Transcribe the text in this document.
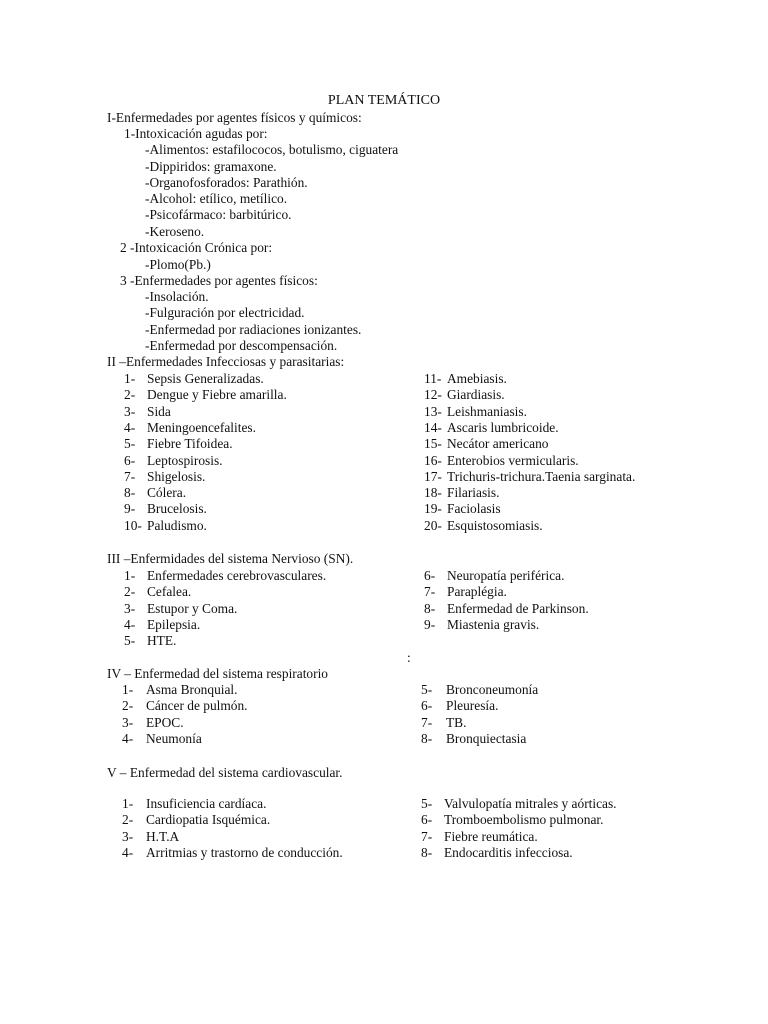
PLAN TEMÁTICO
I-Enfermedades por agentes físicos y químicos:
1-Intoxicación agudas por:
-Alimentos: estafilococos, botulismo, ciguatera
-Dippiridos: gramaxone.
-Organofosforados: Parathión.
-Alcohol: etílico, metílico.
-Psicofármaco: barbitúrico.
-Keroseno.
2 -Intoxicación Crónica por:
-Plomo(Pb.)
3 -Enfermedades por agentes físicos:
-Insolación.
-Fulguración por electricidad.
-Enfermedad por radiaciones ionizantes.
-Enfermedad por descompensación.
II –Enfermedades Infecciosas y parasitarias:
1- Sepsis Generalizadas.
2- Dengue y Fiebre amarilla.
3- Sida
4- Meningoencefalites.
5- Fiebre Tifoidea.
6- Leptospirosis.
7- Shigelosis.
8- Cólera.
9- Brucelosis.
10- Paludismo.
11- Amebiasis.
12- Giardiasis.
13- Leishmaniasis.
14- Ascaris lumbricoide.
15- Necátor americano
16- Enterobios vermicularis.
17- Trichuris-trichura.Taenia sarginata.
18- Filariasis.
19- Faciolasis
20- Esquistosomiasis.
III –Enfermidades del sistema Nervioso (SN).
1- Enfermedades cerebrovasculares.
2- Cefalea.
3- Estupor y Coma.
4- Epilepsia.
5- HTE.
6- Neuropatía periférica.
7- Paraplégia.
8- Enfermedad de Parkinson.
9- Miastenia gravis.
:
IV – Enfermedad del sistema respiratorio
1- Asma Bronquial.
2- Cáncer de pulmón.
3- EPOC.
4- Neumonía
5- Bronconeumonía
6- Pleuresía.
7- TB.
8- Bronquiectasia
V – Enfermedad del sistema cardiovascular.
1- Insuficiencia cardíaca.
2- Cardiopatia Isquémica.
3- H.T.A
4- Arritmias y trastorno de conducción.
5- Valvulopatía mitrales y aórticas.
6- Tromboembolismo pulmonar.
7- Fiebre reumática.
8- Endocarditis infecciosa.
